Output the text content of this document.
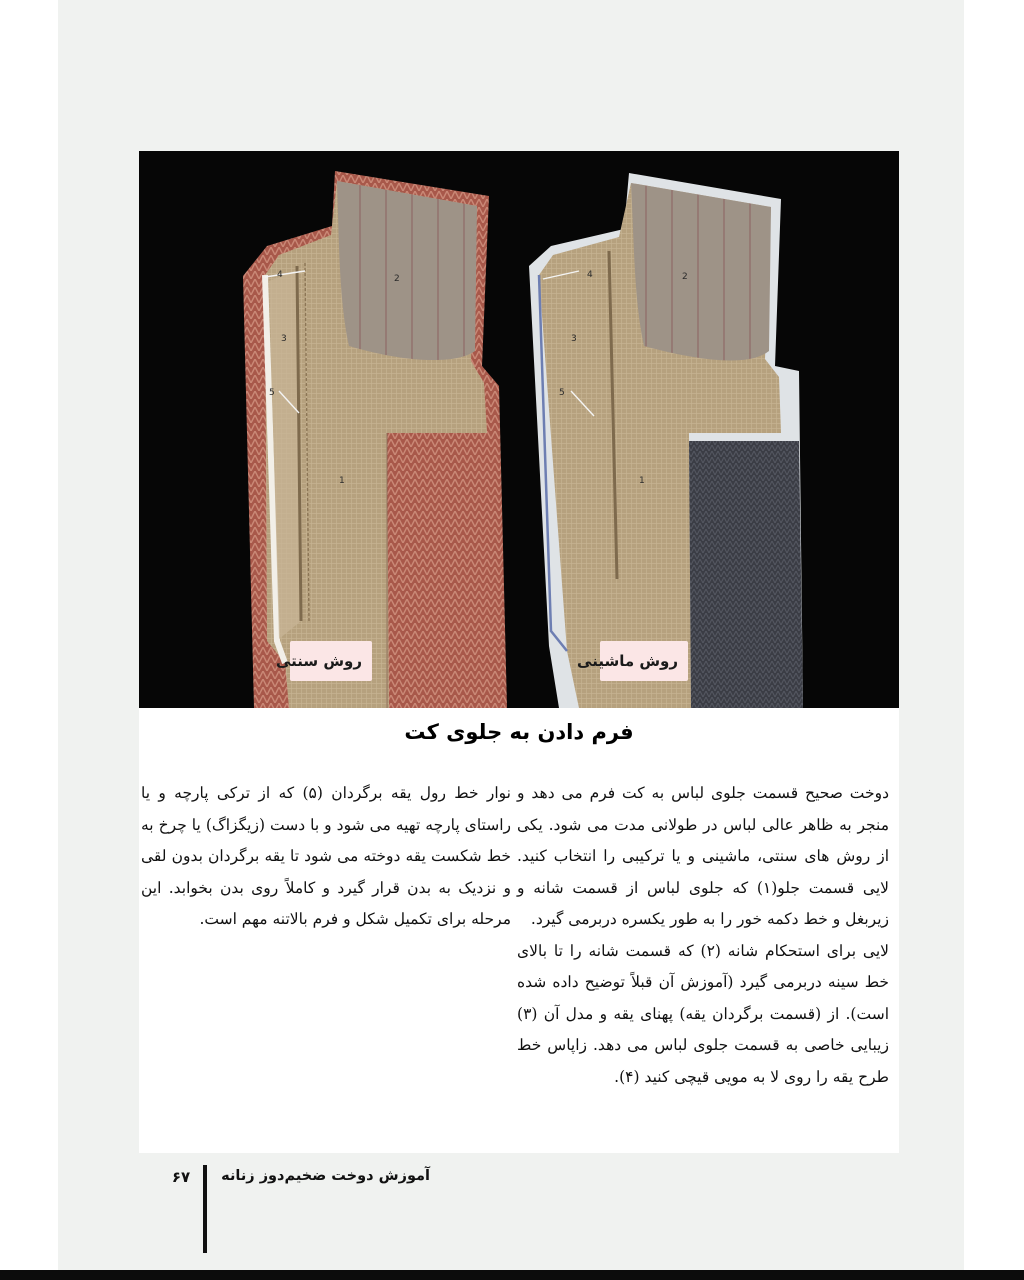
4	2
3
5
1
4	2
3
5
1
روش سنتی	روش ماشینی
فرم دادن به جلوی کت

دوخت صحیح قسمت جلوی لباس به کت فرم می دهد و منجر به ظاهر عالی لباس در طولانی مدت می شود. یکی از روش های سنتی، ماشینی و یا ترکیبی را انتخاب کنید. لایی قسمت جلو(۱) که جلوی لباس از قسمت شانه و زیربغل و خط دکمه خور را به طور یکسره دربرمی گیرد.

لایی برای استحکام شانه (۲) که قسمت شانه را تا بالای خط سینه دربرمی گیرد (آموزش آن قبلاً توضیح داده شده است). از (قسمت برگردان یقه) پهنای یقه و مدل آن (۳) زیبایی خاصی به قسمت جلوی لباس می دهد. زاپاس خط طرح یقه را روی لا به مویی قیچی کنید (۴).

نوار خط رول یقه برگردان (۵) که از ترکی پارچه و یا راستای پارچه تهیه می شود و با دست (زیگزاگ) یا چرخ به خط شکست یقه دوخته می شود تا یقه برگردان بدون لقی و نزدیک به بدن قرار گیرد و کاملاً روی بدن بخوابد. این مرحله برای تکمیل شکل و فرم بالاتنه مهم است.

آموزش دوخت ضخیم‌دوز زنانه
۶۷
